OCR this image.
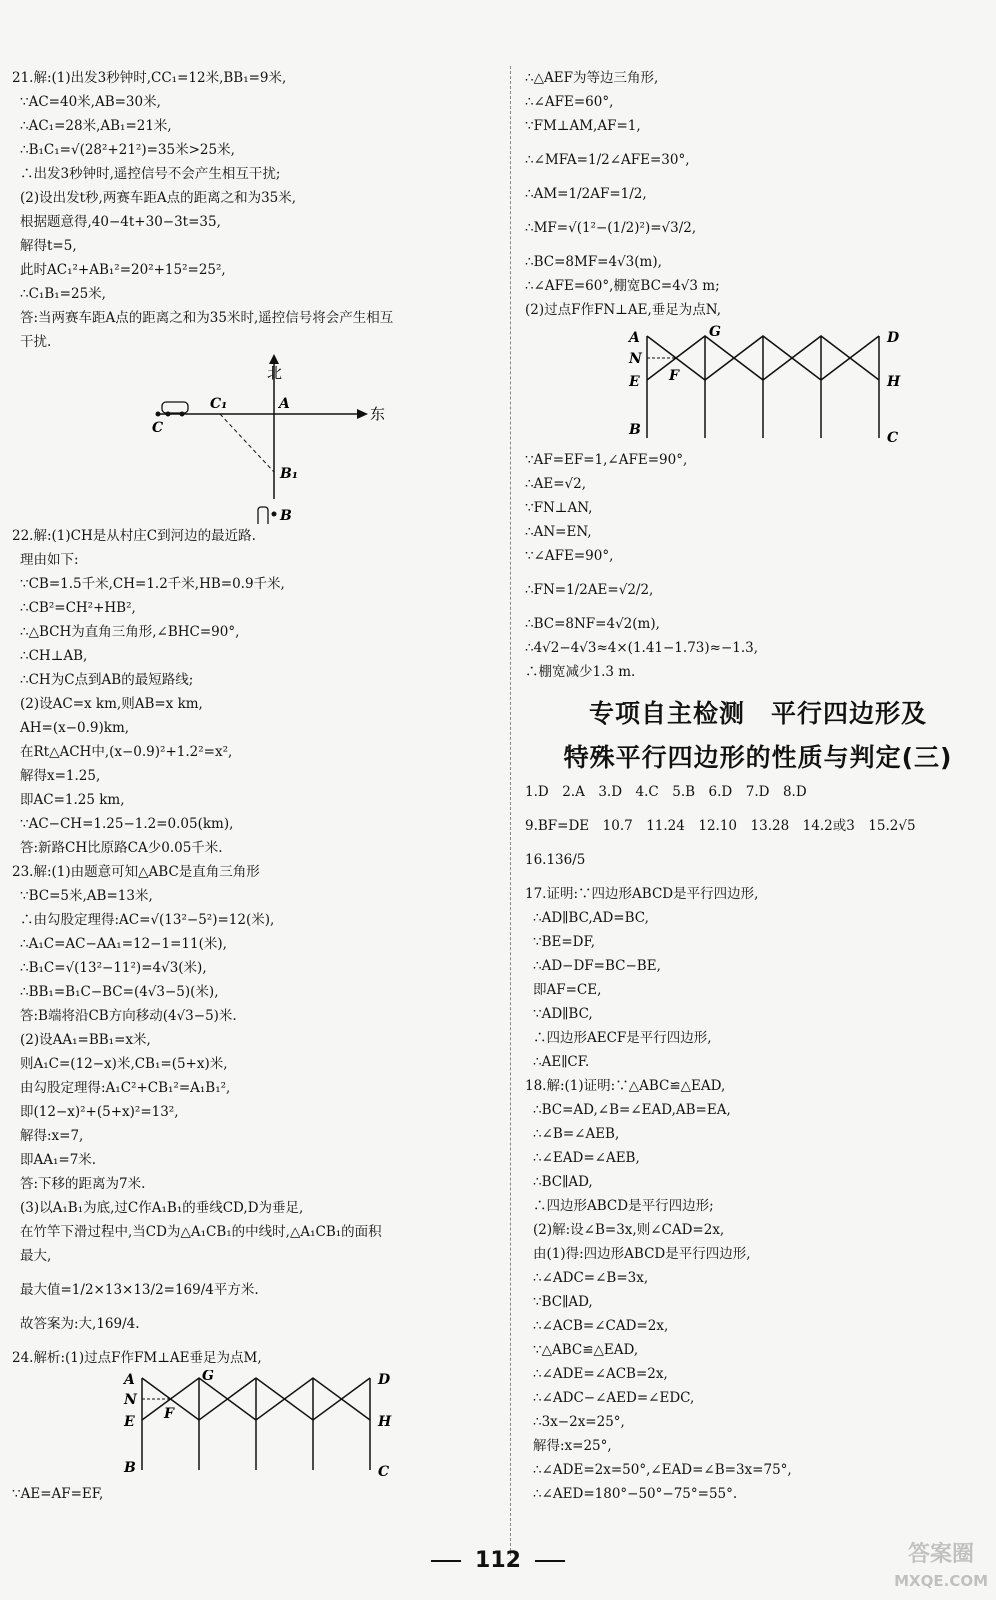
21.解:(1)出发3秒钟时,CC₁=12米,BB₁=9米,
∵AC=40米,AB=30米,
∴AC₁=28米,AB₁=21米,
∴B₁C₁=√(28²+21²)=35米>25米,
∴出发3秒钟时,遥控信号不会产生相互干扰;
(2)设出发t秒,两赛车距A点的距离之和为35米,
根据题意得,40−4t+30−3t=35,
解得t=5,
此时AC₁²+AB₁²=20²+15²=25²,
∴C₁B₁=25米,
答:当两赛车距A点的距离之和为35米时,遥控信号将会产生相互
干扰.
北
东
C
C₁	A
B₁
B
22.解:(1)CH是从村庄C到河边的最近路.
理由如下:
∵CB=1.5千米,CH=1.2千米,HB=0.9千米,
∴CB²=CH²+HB²,
∴△BCH为直角三角形,∠BHC=90°,
∴CH⊥AB,
∴CH为C点到AB的最短路线;
(2)设AC=x km,则AB=x km,
AH=(x−0.9)km,
在Rt△ACH中,(x−0.9)²+1.2²=x²,
解得x=1.25,
即AC=1.25 km,
∵AC−CH=1.25−1.2=0.05(km),
答:新路CH比原路CA少0.05千米.
23.解:(1)由题意可知△ABC是直角三角形
∵BC=5米,AB=13米,
∴由勾股定理得:AC=√(13²−5²)=12(米),
∴A₁C=AC−AA₁=12−1=11(米),
∴B₁C=√(13²−11²)=4√3(米),
∴BB₁=B₁C−BC=(4√3−5)(米),
答:B端将沿CB方向移动(4√3−5)米.
(2)设AA₁=BB₁=x米,
则A₁C=(12−x)米,CB₁=(5+x)米,
由勾股定理得:A₁C²+CB₁²=A₁B₁²,
即(12−x)²+(5+x)²=13²,
解得:x=7,
即AA₁=7米.
答:下移的距离为7米.
(3)以A₁B₁为底,过C作A₁B₁的垂线CD,D为垂足,
在竹竿下滑过程中,当CD为△A₁CB₁的中线时,△A₁CB₁的面积
最大,
最大值=1/2×13×13/2=169/4平方米.
故答案为:大,169/4.
24.解析:(1)过点F作FM⊥AE垂足为点M,
A	G
N
E F
B
D
H
C
∵AE=AF=EF,
∴△AEF为等边三角形,
∴∠AFE=60°,
∵FM⊥AM,AF=1,
∴∠MFA=1/2∠AFE=30°,
∴AM=1/2AF=1/2,
∴MF=√(1²−(1/2)²)=√3/2,
∴BC=8MF=4√3(m),
∴∠AFE=60°,棚宽BC=4√3 m;
(2)过点F作FN⊥AE,垂足为点N,
A	G
N
E F
B
D
H
C
∵AF=EF=1,∠AFE=90°,
∴AE=√2,
∵FN⊥AN,
∴AN=EN,
∵∠AFE=90°,
∴FN=1/2AE=√2/2,
∴BC=8NF=4√2(m),
∴4√2−4√3≈4×(1.41−1.73)≈−1.3,
∴棚宽减少1.3 m.
专项自主检测　平行四边形及
特殊平行四边形的性质与判定(三)
1.D　2.A　3.D　4.C　5.B　6.D　7.D　8.D
9.BF=DE　10.7　11.24　12.10　13.28　14.2或3　15.2√5
16.136/5
17.证明:∵四边形ABCD是平行四边形,
∴AD∥BC,AD=BC,
∵BE=DF,
∴AD−DF=BC−BE,
即AF=CE,
∵AD∥BC,
∴四边形AECF是平行四边形,
∴AE∥CF.
18.解:(1)证明:∵△ABC≌△EAD,
∴BC=AD,∠B=∠EAD,AB=EA,
∴∠B=∠AEB,
∴∠EAD=∠AEB,
∴BC∥AD,
∴四边形ABCD是平行四边形;
(2)解:设∠B=3x,则∠CAD=2x,
由(1)得:四边形ABCD是平行四边形,
∴∠ADC=∠B=3x,
∵BC∥AD,
∴∠ACB=∠CAD=2x,
∵△ABC≌△EAD,
∴∠ADE=∠ACB=2x,
∴∠ADC−∠AED=∠EDC,
∴3x−2x=25°,
解得:x=25°,
∴∠ADE=2x=50°,∠EAD=∠B=3x=75°,
∴∠AED=180°−50°−75°=55°.
112	答案圈
MXQE.COM
